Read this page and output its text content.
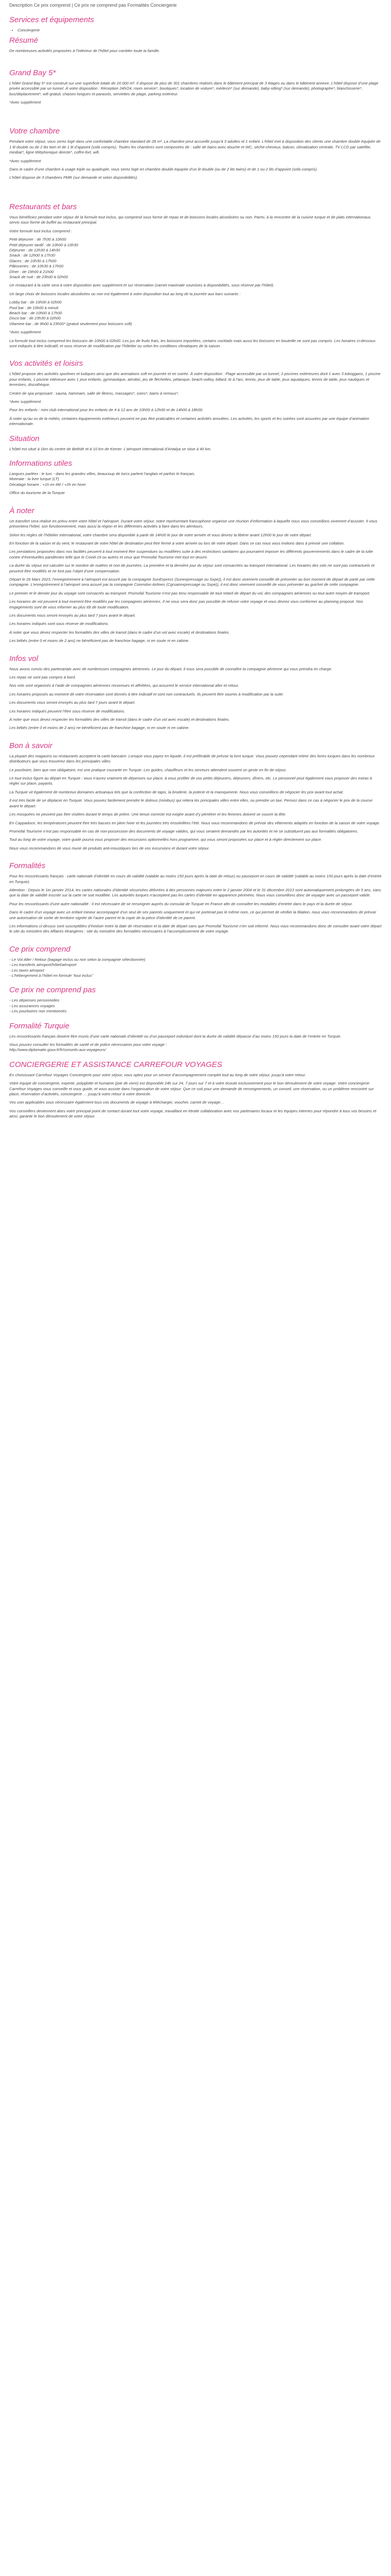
Description Ce prix comprend | Ce prix ne comprend pas Formalités Conciergerie
Services et équipements
• Conciergerie
Résumé

De nombreuses activités proposées à l’intérieur de l’hôtel pour combler toute la famille.

Grand Bay 5*

L’hôtel Grand Bay 5* est construit sur une superficie totale de 20 000 m². Il dispose de plus de 301 chambres réalisés dans le bâtiment principal de 3 étages ou dans le bâtiment annexe. L’hôtel dispose d’une plage privée accessible par un tunnel. À votre disposition : Réception 24h/24, room service*, boutiques*, location de voiture*, médecin* (sur demande), baby-sitting* (sur demande), photographe*, blanchisserie*, bus/déplacement*, wifi gratuit, chaises longues et parasols, serviettes de plage, parking extérieur.

*Avec supplément

Votre chambre

Pendant votre séjour, vous serez logé dans une confortable chambre standard de 28 m². La chambre peut accueillir jusqu’à 3 adultes et 1 enfant. L’hôtel met à disposition des clients une chambre double équipée de 1 lit double ou de 2 lits twin et de 1 lit d’appoint (sofa compris). Toutes les chambres sont composées de : salle de bains avec douche et WC, sèche-cheveux, balcon, climatisation centrale, TV LCD par satellite, minibar*, ligne téléphonique directe*, coffre-fort, wifi.

*Avec supplément

Dans le cadre d’une chambre à usage triple ou quadruple, vous serez logé en chambre double équipée d’un lit double (ou de 2 lits twins) et de 1 ou 2 lits d’appoint (sofa compris).

L’hôtel dispose de 3 chambres PMR (sur demande et selon disponibilités).

Restaurants et bars

Vous bénéficiez pendant votre séjour de la formule tout inclus, qui comprend sous forme de repas et de boissons locales alcoolisées ou non. Parmi, à la rencontre de la cuisine turque et de plats internationaux, servis sous forme de buffet au restaurant principal.

Votre formule tout inclus comprend :

Petit déjeuner : de 7h30 à 10h00
Petit déjeuner tardif : de 10h00 à 10h30
Déjeuner : de 12h30 à 14h30
Snack : de 12h00 à 17h30
Glaces : de 10h30 à 17h00
Pâtisseries : de 10h30 à 17h00
Dîner : de 19h00 à 21h00
Snack de nuit : de 23h00 à 02h00

Un restaurant à la carte sera à votre disposition avec supplément et sur réservation (carnet maximale soumises à disponibilités, sous réserve par l’hôtel).

Un large choix de boissons locales alcoolisées ou non est également à votre disposition tout au long de la journée aux bars suivants :

Lobby bar : de 10h00 à 02h00
Pool bar : de 10h00 à minuit
Beach bar : de 10h00 à 17h00
Disco bar : de 23h30 à 02h00
Vitamine bar : de 9h00 à 23h00* (gratuit seulement pour boissons soft)

*Avec supplément

La formule tout inclus comprend les boissons de 10h00 à 02h00. Les jus de fruits frais, les boissons importées, certains cocktails mais aussi les boissons en bouteille ne sont pas compris. Les horaires ci-dessous sont indiqués à titre indicatif, et sous réserve de modification par l’hôtelier ou selon les conditions climatiques de la saison.

Vos activités et loisirs

L’hôtel propose des activités sportives et ludiques ainsi que des animations soft en journée et en soirée. À votre disposition : Plage accessible par un tunnel, 2 piscines extérieures dont 1 avec 3 toboggans, 1 piscine pour enfants, 1 piscine intérieure avec 1 jeux enfants, gymnastique, aérobic, jeu de fléchettes, pétanque, beach-volley, billard, tir à l’arc, tennis, jeux de table, jeux aquatiques, tennis de table, jeux nautiques et terrestres, discothèque.

Centre de spa proposant : sauna, hammam, salle de fitness, massages*, soins*, bains à remous*.

*Avec supplément

Pour les enfants : mini club international pour les enfants de 4 à 12 ans de 10h00 à 12h00 et de 14h00 à 18h00.

À noter qu’au vu de la météo, certaines équipements extérieurs peuvent ne pas être praticables et certaines activités annulées. Les activités, les sports et les soirées sont assurées par une équipe d’animation internationale.

Situation

L’hôtel est situé à 1km du centre de Belédé et à 10 km de Kemer. L’aéroport international d’Antalya se situe à 40 km.

Informations utiles

Langues parlées : le turc - dans les grandes villes, beaucoup de turcs parlent l’anglais et parfois le français.
Monnaie : la livre turque (LT)
Décalage horaire : +1h en été / +2h en hiver

Office du tourisme de la Turquie

À noter

Un transfert sera réalisé en prévu entre votre hôtel et l’aéroport. Durant votre séjour, notre représentant francophone organise une réunion d’information à laquelle nous vous conseillons vivement d’assister. Il vous présentera l’hôtel, son fonctionnement, mais aussi la région et les différentes activités à faire dans les alentours.

Selon les règles de l’hôtelier international, votre chambre sera disponible à partir de 14h00 le jour de votre arrivée et vous devrez la libérer avant 12h00 le jour de votre départ.

En fonction de la saison et du vent, le restaurant de votre hôtel de destination peut être fermé à votre arrivée ou lors de votre départ. Dans ce cas nous vous invitons dans à prévoir une collation.

Les prestations proposées dans nos facilités peuvent à tout moment être suspendues ou modifiées suite à des restrictions sanitaires qui pourraient imposer les différents gouvernements dans le cadre de la lutte contre d’éventuelles pandémies telle que le Covid-19 ou autres et ceux que Promofal Tourisme met tout en œuvre.

La durée du séjour est calculée sur le nombre de nuitées et non de journées. La première et la dernière jour du séjour sont consacrées au transport international. Les horaires des vols ne sont pas contractuels et peuvent être modifiés et ne font pas l’objet d’une compensation.

Départ le 26 Mars 2023, l’enregistrement à l’aéroport est assuré par la compagnie SunExpress (Sunexpressage ou Sxpe)), il est donc vivement conseillé de présenter au bon moment de départ de partir par cette compagnie. L’enregistrement à l’aéroport sera assuré par la compagnie Corendon Airlines (Cgrsairexpressage ou Sxpe)), il est donc vivement conseillé de vous présenter au guichet de cette compagnie.

Le premier et le dernier jour du voyage sont consacrés au transport. Promofal Tourisme n’est pas tenu responsable de tout retard de départ du vol, des compagnies aériennes ou tout autre moyen de transport.

Les horaires de vol peuvent à tout moment être modifiés par les compagnies aériennes. Il ne vous sera donc pas possible de refuser votre voyage et vous devrez vous conformer au planning proposé. Nos engagements sont de vous informer au plus tôt de toute modification.

Les documents nous seront envoyés au plus tard 7 jours avant le départ.

Les horaires indiqués sont sous réserve de modifications.

À noter que vous devez respecter les formalités des villes de transit (dans le cadre d’un vol avec escale) et destinations finales.

Les bébés (entre 0 et moins de 2 ans) ne bénéficient pas de franchise bagage, ni en soute ni en cabine.

Infos vol

Nous avons conclu des partenariats avec de nombreuses compagnies aériennes. Le jour du départ, il vous sera possible de connaître la compagnie aérienne qui vous prendra en charge.

Les repas ne sont pas compris à bord.

Nos vols sont organisés à l’aide de compagnies aériennes reconnues et affrétées, qui assurent le service international aller et retour.

Les horaires proposés au moment de votre réservation sont donnés à titre indicatif et sont non contractuels. Ils peuvent être soumis à modification par la suite.

Les documents vous seront envoyés au plus tard 7 jours avant le départ.

Les horaires indiqués peuvent l’être sous réserve de modifications.

À noter que vous devez respecter les formalités des villes de transit (dans le cadre d’un vol avec escale) et destinations finales.

Les bébés (entre 0 et moins de 2 ans) ne bénéficient pas de franchise bagage, ni en soute ni en cabine.

Bon à savoir

La plupart des magasins ou restaurants acceptent la carte bancaire. Lorsque vous payez en liquide, il est préférable de prévoir la livre turque. Vous pouvez cependant retirer des livres turques dans les nombreux distributeurs que vous trouverez dans les principales villes.

Le pourboire, bien que non obligatoire, est une pratique courante en Turquie. Les guides, chauffeurs et les serveurs attendent souvent un geste en fin de séjour.

Le tout inclus figure au départ en Turquie : vous n’aurez vraiment de dépenses sur place, à vous profiter de vos petits déjeuners, déjeuners, dîners, etc. Le personnel peut également vous proposer des extras à régler sur place, payants.

La Turquie vit également de nombreux domaines artisanaux tels que la confection de tapis, la broderie, la poterie et la maroquinerie. Nous vous conseillons de négocier les prix avant tout achat.

Il est très facile de se déplacer en Turquie. Vous pouvez facilement prendre le dolmus (minibus) qui reliera les principales villes entre elles, ou prendre un taxi. Pensez dans ce cas à négocier le prix de la course avant le départ.

Les mosquées ne peuvent pas être visitées durant le temps de prière. Une tenue correcte est exigée avant d’y pénétrer et les femmes doivent se couvrir la tête.

En Cappadoce, les températures peuvent être très basses en plein hiver et les journées très ensoleillées l’été. Nous vous recommandons de prévoir des vêtements adaptés en fonction de la saison de votre voyage.

Promofal Tourisme n’est pas responsable en cas de non-possession des documents de voyage valides, qui vous seraient demandés par les autorités et ne se substituent pas aux formalités obligatoires.

Tout au long de votre voyage, votre guide pourra vous proposer des excursions optionnelles hors programme, qui vous seront proposées sur place et à régler directement sur place.

Nous vous recommandons de vous munir de produits anti-moustiques lors de vos excursions et durant votre séjour.

Formalités

Pour les ressortissants français : carte nationale d’identité en cours de validité (valable au moins 150 jours après la date de retour) ou passeport en cours de validité (valable au moins 150 jours après la date d’entrée en Turquie).

Attention : Depuis le 1er janvier 2014, les cartes nationales d’identité sécurisées délivrées à des personnes majeures entre le 2 janvier 2004 et le 31 décembre 2013 sont automatiquement prolongées de 5 ans, sans que la date de validité inscrite sur la carte ne soit modifiée. Les autorités turques n’acceptent pas les cartes d’identité en apparence périmées. Nous vous conseillons donc de voyager avec un passeport valide.

Pour les ressortissants d’une autre nationalité : il est nécessaire de se renseigner auprès du consulat de Turquie en France afin de connaître les modalités d’entrée dans le pays et la durée de séjour.

Dans le cadre d’un voyage avec un enfant mineur accompagné d’un seul de ses parents uniquement et qui ne porterait pas le même nom, ce qui permet de vérifier la filiation, nous vous recommandons de prévoir une autorisation de sortie de territoire signée de l’autre parent et la copie de la pièce d’identité de ce parent.

Les informations ci-dessus sont susceptibles d’évoluer entre la date de réservation et la date de départ sans que Promofal Tourisme n’en soit informé. Nous vous recommandons donc de consulter avant votre départ le site du ministère des Affaires étrangères : site du ministère des formalités nécessaires à l’accomplissement de votre voyage.

Ce prix comprend

- Le Vol Aller / Retour (bagage inclus ou non selon la compagnie sélectionnée)
- Les transferts aéroport/hôtel/aéroport
- Les taxes aéroport
- L’hébergement à l’hôtel en formule “tout inclus”

Ce prix ne comprend pas

- Les dépenses personnelles
- Les assurances voyages
- Les pourboires non mentionnés

Formalité Turquie

Les ressortissants français doivent être munis d’une carte nationale d’identité ou d’un passeport individuel dont la durée de validité dépasse d’au moins 150 jours la date de l’entrée en Turquie.

Vous pouvez consulter les formalités de santé et de police nécessaires pour votre voyage :
http://www.diplomatie.gouv.fr/fr/conseils-aux-voyageurs/

CONCIERGERIE ET ASSISTANCE CARREFOUR VOYAGES

En choisissant Carrefour Voyages Conciergerie pour votre séjour, vous optez pour un service d’accompagnement complet tout au long de votre séjour, jusqu’à votre retour.

Votre équipe de conciergerie, experte, polyglotte et humaine (joie de vivre) est disponible 24h sur 24, 7 jours sur 7 et à votre écoute exclusivement pour le bon déroulement de votre voyage. Votre conciergerie Carrefour Voyages vous conseille et vous guide, et vous assiste dans l’organisation de votre séjour. Que ce soit pour une demande de renseignements, un conseil, une réservation, ou un problème rencontré sur place, réservation d’activités, conciergerie … jusqu’à votre retour à votre domicile.

Vos voix applicables sous nécessaire également tous vos documents de voyage à télécharger, voucher, carnet de voyage…

Vos conseillers deviennent alors votre principal point de contact durant tout votre voyage, travaillant en étroite collaboration avec nos partenaires locaux et les équipes internes pour répondre à tous vos besoins et ainsi, garantir le bon déroulement de votre séjour.
